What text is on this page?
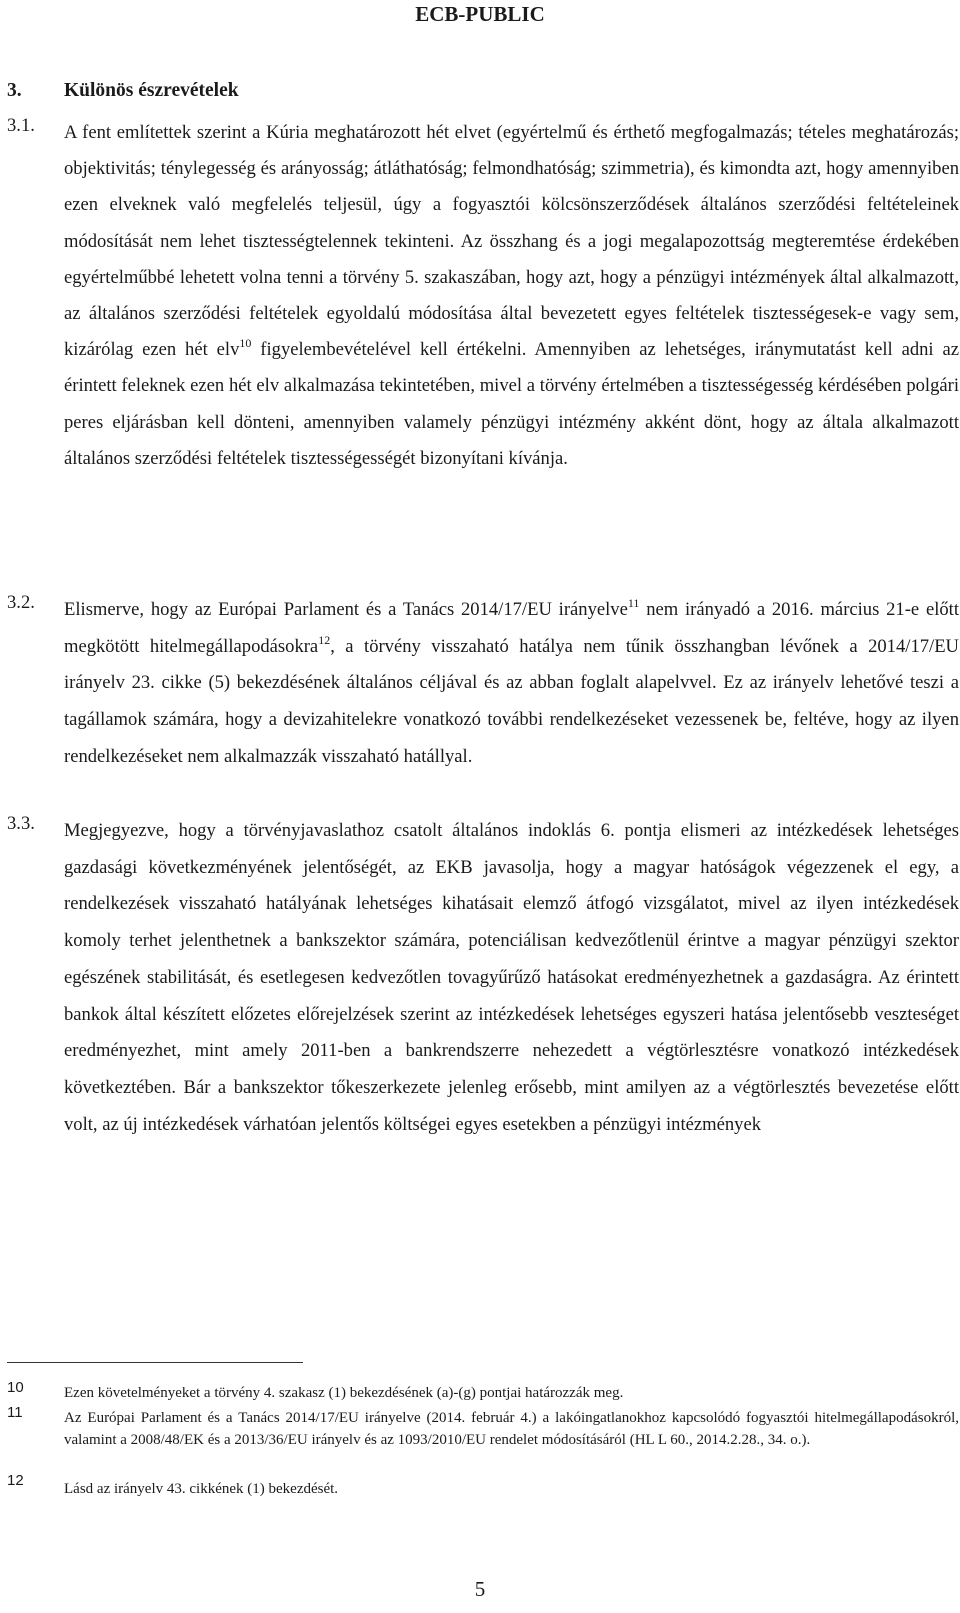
ECB-PUBLIC
3. Különös észrevételek
3.1. A fent említettek szerint a Kúria meghatározott hét elvet (egyértelmű és érthető megfogalmazás; tételes meghatározás; objektivitás; ténylegesség és arányosság; átláthatóság; felmondhatóság; szimmetria), és kimondta azt, hogy amennyiben ezen elveknek való megfelelés teljesül, úgy a fogyasztói kölcsönszerződések általános szerződési feltételeinek módosítását nem lehet tisztességtelennek tekinteni. Az összhang és a jogi megalapozottság megteremtése érdekében egyértelműbbé lehetett volna tenni a törvény 5. szakaszában, hogy azt, hogy a pénzügyi intézmények által alkalmazott, az általános szerződési feltételek egyoldalú módosítása által bevezetett egyes feltételek tisztességesek-e vagy sem, kizárólag ezen hét elv$^{10}$ figyelembevételével kell értékelni. Amennyiben az lehetséges, iránymutatást kell adni az érintett feleknek ezen hét elv alkalmazása tekintetében, mivel a törvény értelmében a tisztességesség kérdésében polgári peres eljárásban kell dönteni, amennyiben valamely pénzügyi intézmény akként dönt, hogy az általa alkalmazott általános szerződési feltételek tisztességességét bizonyítani kívánja.
3.2. Elismerve, hogy az Európai Parlament és a Tanács 2014/17/EU irányelve$^{11}$ nem irányadó a 2016. március 21-e előtt megkötött hitelmegállapodásokra$^{12}$, a törvény visszaható hatálya nem tűnik összhangban lévőnek a 2014/17/EU irányelv 23. cikke (5) bekezdésének általános céljával és az abban foglalt alapelvvel. Ez az irányelv lehetővé teszi a tagállamok számára, hogy a devizahitelekre vonatkozó további rendelkezéseket vezessenek be, feltéve, hogy az ilyen rendelkezéseket nem alkalmazzák visszaható hatállyal.
3.3. Megjegyezve, hogy a törvényjavaslathoz csatolt általános indoklás 6. pontja elismeri az intézkedések lehetséges gazdasági következményének jelentőségét, az EKB javasolja, hogy a magyar hatóságok végezzenek el egy, a rendelkezések visszaható hatályának lehetséges kihatásait elemző átfogó vizsgálatot, mivel az ilyen intézkedések komoly terhet jelenthetnek a bankszektor számára, potenciálisan kedvezőtlenül érintve a magyar pénzügyi szektor egészének stabilitását, és esetlegesen kedvezőtlen tovagyűrűző hatásokat eredményezhetnek a gazdaságra. Az érintett bankok által készített előzetes előrejelzések szerint az intézkedések lehetséges egyszeri hatása jelentősebb veszteséget eredményezhet, mint amely 2011-ben a bankrendszerre nehezedett a végtörlesztésre vonatkozó intézkedések következtében. Bár a bankszektor tőkeszerkezete jelenleg erősebb, mint amilyen az a végtörlesztés bevezetése előtt volt, az új intézkedések várhatóan jelentős költségei egyes esetekben a pénzügyi intézmények
10	Ezen követelményeket a törvény 4. szakasz (1) bekezdésének (a)-(g) pontjai határozzák meg.
11	Az Európai Parlament és a Tanács 2014/17/EU irányelve (2014. február 4.) a lakóingatlanokhoz kapcsolódó fogyasztói hitelmegállapodásokról, valamint a 2008/48/EK és a 2013/36/EU irányelv és az 1093/2010/EU rendelet módosításáról (HL L 60., 2014.2.28., 34. o.).
12	Lásd az irányelv 43. cikkének (1) bekezdését.
5
